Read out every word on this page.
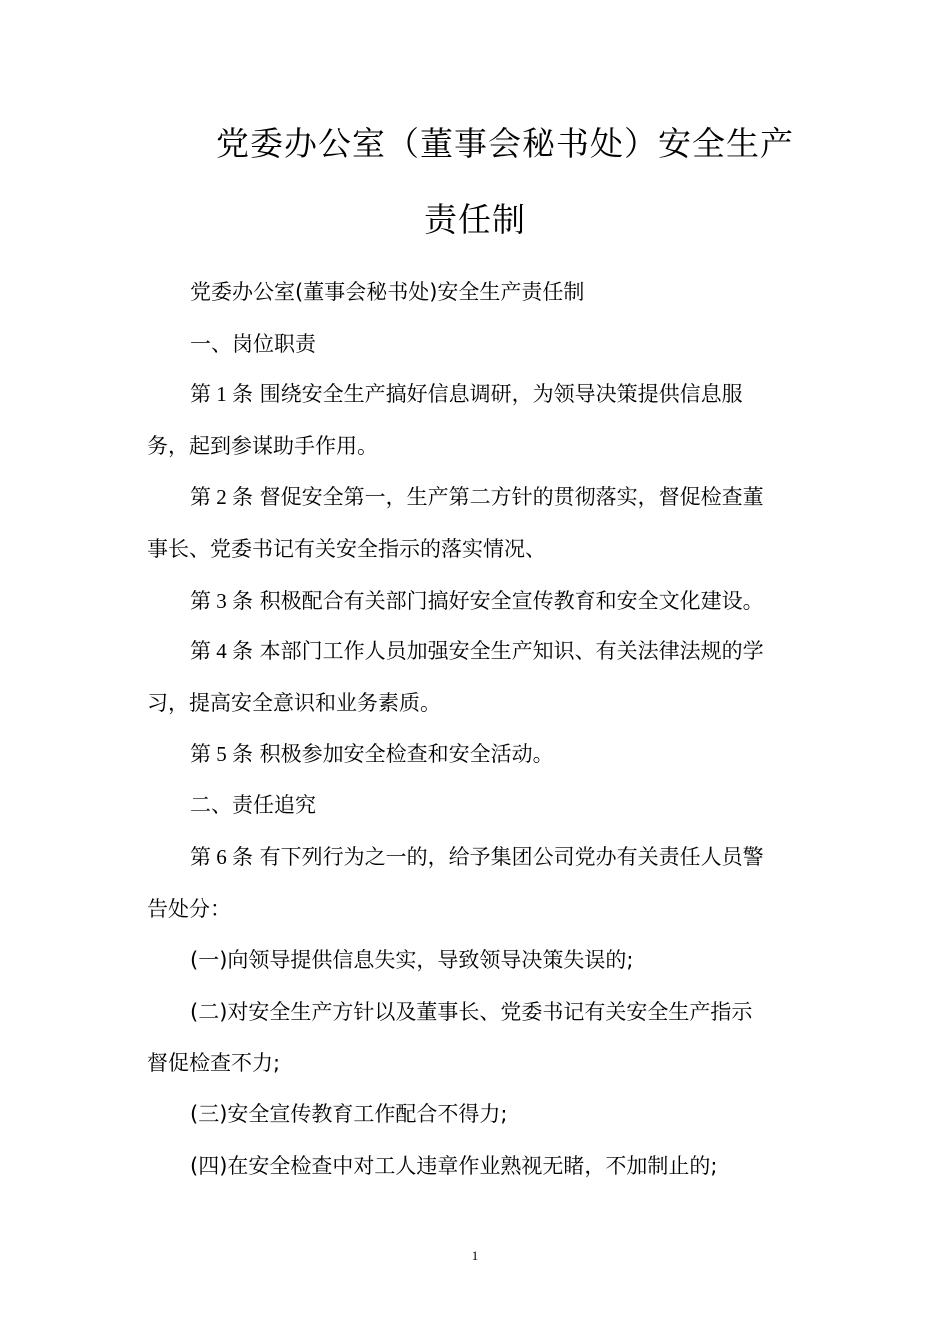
党委办公室（董事会秘书处）安全生产
责任制
党委办公室(董事会秘书处)安全生产责任制
一、岗位职责
第 1 条 围绕安全生产搞好信息调研，为领导决策提供信息服
务，起到参谋助手作用。
第 2 条 督促安全第一，生产第二方针的贯彻落实，督促检查董
事长、党委书记有关安全指示的落实情况、
第 3 条 积极配合有关部门搞好安全宣传教育和安全文化建设。
第 4 条 本部门工作人员加强安全生产知识、有关法律法规的学
习，提高安全意识和业务素质。
第 5 条 积极参加安全检查和安全活动。
二、责任追究
第 6 条 有下列行为之一的，给予集团公司党办有关责任人员警
告处分：
(一)向领导提供信息失实，导致领导决策失误的;
(二)对安全生产方针以及董事长、党委书记有关安全生产指示
督促检查不力;
(三)安全宣传教育工作配合不得力;
(四)在安全检查中对工人违章作业熟视无睹，不加制止的;
1
